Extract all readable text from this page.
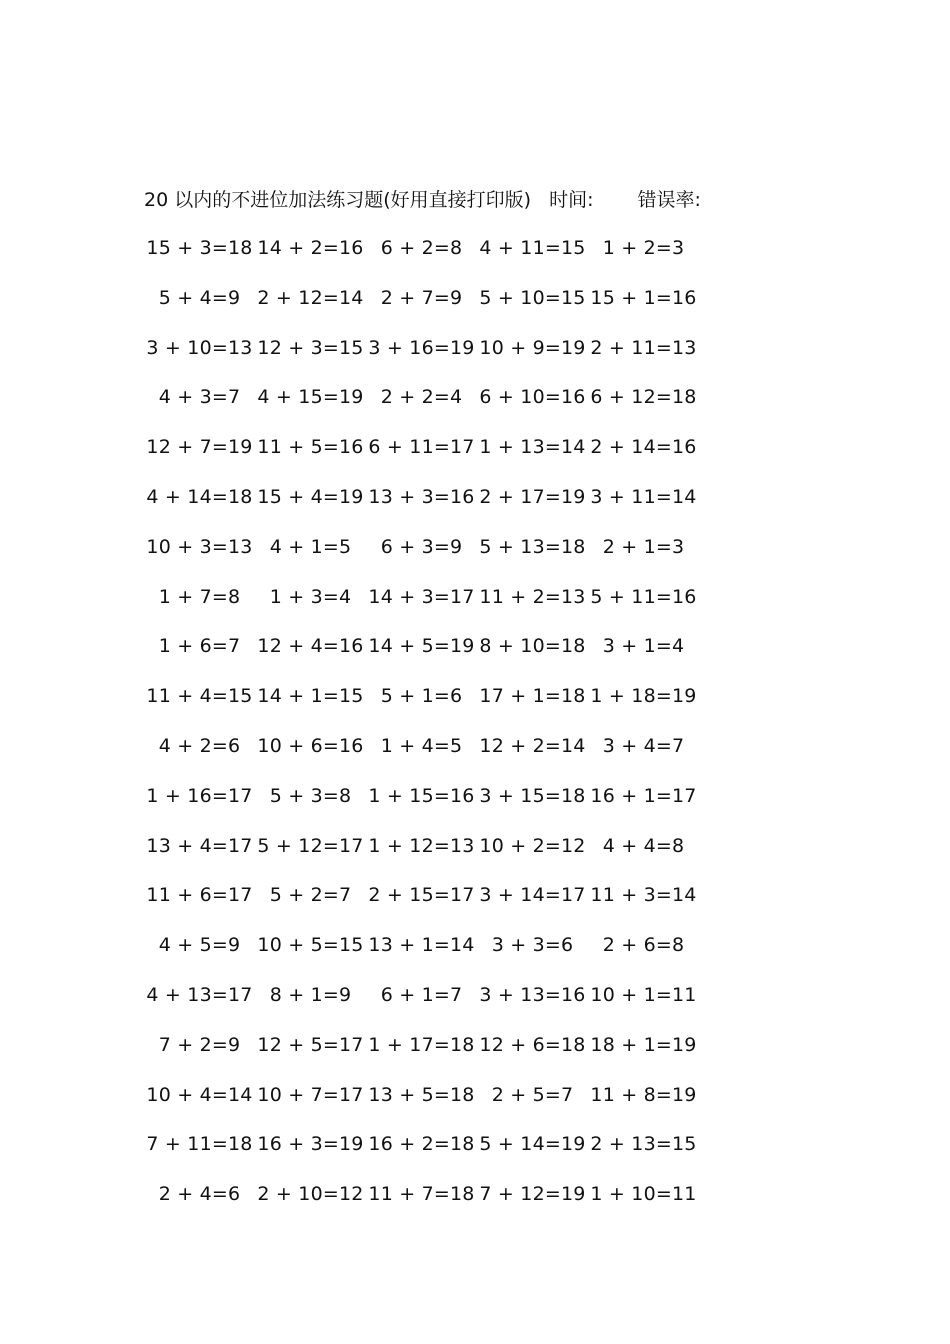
20 以内的不进位加法练习题(好用直接打印版) 时间: 错误率:
15 + 3=18 14 + 2=16 6 + 2=8 4 + 11=15 1 + 2=3
5 + 4=9 2 + 12=14 2 + 7=9 5 + 10=15 15 + 1=16
3 + 10=13 12 + 3=15 3 + 16=19 10 + 9=19 2 + 11=13
4 + 3=7 4 + 15=19 2 + 2=4 6 + 10=16 6 + 12=18
12 + 7=19 11 + 5=16 6 + 11=17 1 + 13=14 2 + 14=16
4 + 14=18 15 + 4=19 13 + 3=16 2 + 17=19 3 + 11=14
10 + 3=13 4 + 1=5	6 + 3=9 5 + 13=18 2 + 1=3
1 + 7=8	1 + 3=4 14 + 3=17 11 + 2=13 5 + 11=16
1 + 6=7 12 + 4=16 14 + 5=19 8 + 10=18 3 + 1=4
11 + 4=15 14 + 1=15 5 + 1=6 17 + 1=18 1 + 18=19
4 + 2=6 10 + 6=16 1 + 4=5 12 + 2=14 3 + 4=7
1 + 16=17 5 + 3=8 1 + 15=16 3 + 15=18 16 + 1=17
13 + 4=17 5 + 12=17 1 + 12=13 10 + 2=12 4 + 4=8
11 + 6=17 5 + 2=7 2 + 15=17 3 + 14=17 11 + 3=14
4 + 5=9 10 + 5=15 13 + 1=14 3 + 3=6	2 + 6=8
4 + 13=17 8 + 1=9	6 + 1=7 3 + 13=16 10 + 1=11
7 + 2=9 12 + 5=17 1 + 17=18 12 + 6=18 18 + 1=19
10 + 4=14 10 + 7=17 13 + 5=18 2 + 5=7 11 + 8=19
7 + 11=18 16 + 3=19 16 + 2=18 5 + 14=19 2 + 13=15
2 + 4=6 2 + 10=12 11 + 7=18 7 + 12=19 1 + 10=11
